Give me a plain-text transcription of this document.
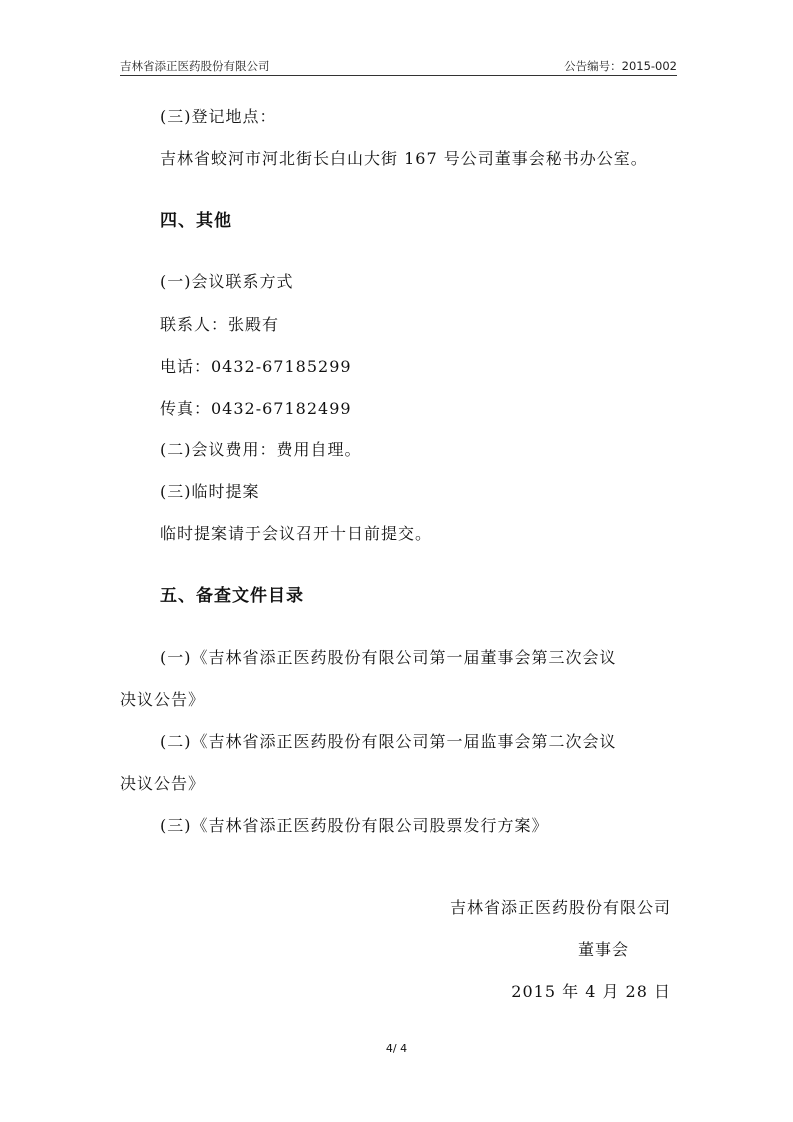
吉林省添正医药股份有限公司	公告编号：2015-002
(三)登记地点：
吉林省蛟河市河北街长白山大街 167 号公司董事会秘书办公室。
四、其他
(一)会议联系方式
联系人：张殿有
电话：0432-67185299
传真：0432-67182499
(二)会议费用：费用自理。
(三)临时提案
临时提案请于会议召开十日前提交。
五、备查文件目录
(一)《吉林省添正医药股份有限公司第一届董事会第三次会议
决议公告》
(二)《吉林省添正医药股份有限公司第一届监事会第二次会议
决议公告》
(三)《吉林省添正医药股份有限公司股票发行方案》
吉林省添正医药股份有限公司
董事会
2015 年 4 月 28 日
4/ 4
